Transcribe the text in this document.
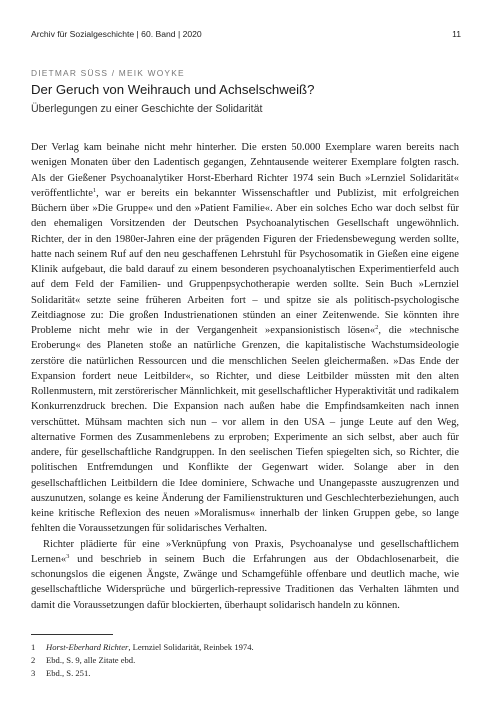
Archiv für Sozialgeschichte | 60. Band | 2020	11
DIETMAR SÜSS / MEIK WOYKE
Der Geruch von Weihrauch und Achselschweiß?
Überlegungen zu einer Geschichte der Solidarität

Der Verlag kam beinahe nicht mehr hinterher. Die ersten 50.000 Exemplare waren bereits nach wenigen Monaten über den Ladentisch gegangen, Zehntausende weiterer Exemplare folgten rasch. Als der Gießener Psychoanalytiker Horst-Eberhard Richter 1974 sein Buch »Lernziel Solidarität« veröffentlichte$^1$, war er bereits ein bekannter Wissenschaftler und Publizist, mit erfolgreichen Büchern über »Die Gruppe« und den »Patient Familie«. Aber ein solches Echo war doch selbst für den ehemaligen Vorsitzenden der Deutschen Psychoanalytischen Gesellschaft ungewöhnlich. Richter, der in den 1980er-Jahren eine der prägenden Figuren der Friedensbewegung werden sollte, hatte nach seinem Ruf auf den neu geschaffenen Lehrstuhl für Psychosomatik in Gießen eine eigene Klinik aufgebaut, die bald darauf zu einem besonderen psychoanalytischen Experimentierfeld auch auf dem Feld der Familien- und Gruppenpsychotherapie werden sollte. Sein Buch »Lernziel Solidarität« setzte seine früheren Arbeiten fort – und spitze sie als politisch-psychologische Zeitdiagnose zu: Die großen Industrienationen stünden an einer Zeitenwende. Sie könnten ihre Probleme nicht mehr wie in der Vergangenheit »expansionistisch lösen«$^2$, die »technische Eroberung« des Planeten stoße an natürliche Grenzen, die kapitalistische Wachstumsideologie zerstöre die natürlichen Ressourcen und die menschlichen Seelen gleichermaßen. »Das Ende der Expansion fordert neue Leitbilder«, so Richter, und diese Leitbilder müssten mit den alten Rollenmustern, mit zerstörerischer Männlichkeit, mit gesellschaftlicher Hyperaktivität und radikalem Konkurrenzdruck brechen. Die Expansion nach außen habe die Empfindsamkeiten nach innen verschüttet. Mühsam machten sich nun – vor allem in den USA – junge Leute auf den Weg, alternative Formen des Zusammenlebens zu erproben; Experimente an sich selbst, aber auch für andere, für gesellschaftliche Randgruppen. In den seelischen Tiefen spiegelten sich, so Richter, die politischen Entfremdungen und Konflikte der Gegenwart wider. Solange aber in den gesellschaftlichen Leitbildern die Idee dominiere, Schwache und Unangepasste auszugrenzen und auszunutzen, solange es keine Änderung der Familienstrukturen und Geschlechterbeziehungen, auch keine kritische Reflexion des neuen »Moralismus« innerhalb der linken Gruppen gebe, so lange fehlten die Voraussetzungen für solidarisches Verhalten.

Richter plädierte für eine »Verknüpfung von Praxis, Psychoanalyse und gesellschaftlichem Lernen«$^3$ und beschrieb in seinem Buch die Erfahrungen aus der Obdachlosenarbeit, die schonungslos die eigenen Ängste, Zwänge und Schamgefühle offenbare und deutlich mache, wie gesellschaftliche Widersprüche und bürgerlich-repressive Traditionen das Verhalten lähmten und damit die Voraussetzungen dafür blockierten, überhaupt solidarisch handeln zu können.

1	Horst-Eberhard Richter, Lernziel Solidarität, Reinbek 1974.
2	Ebd., S. 9, alle Zitate ebd.
3	Ebd., S. 251.
